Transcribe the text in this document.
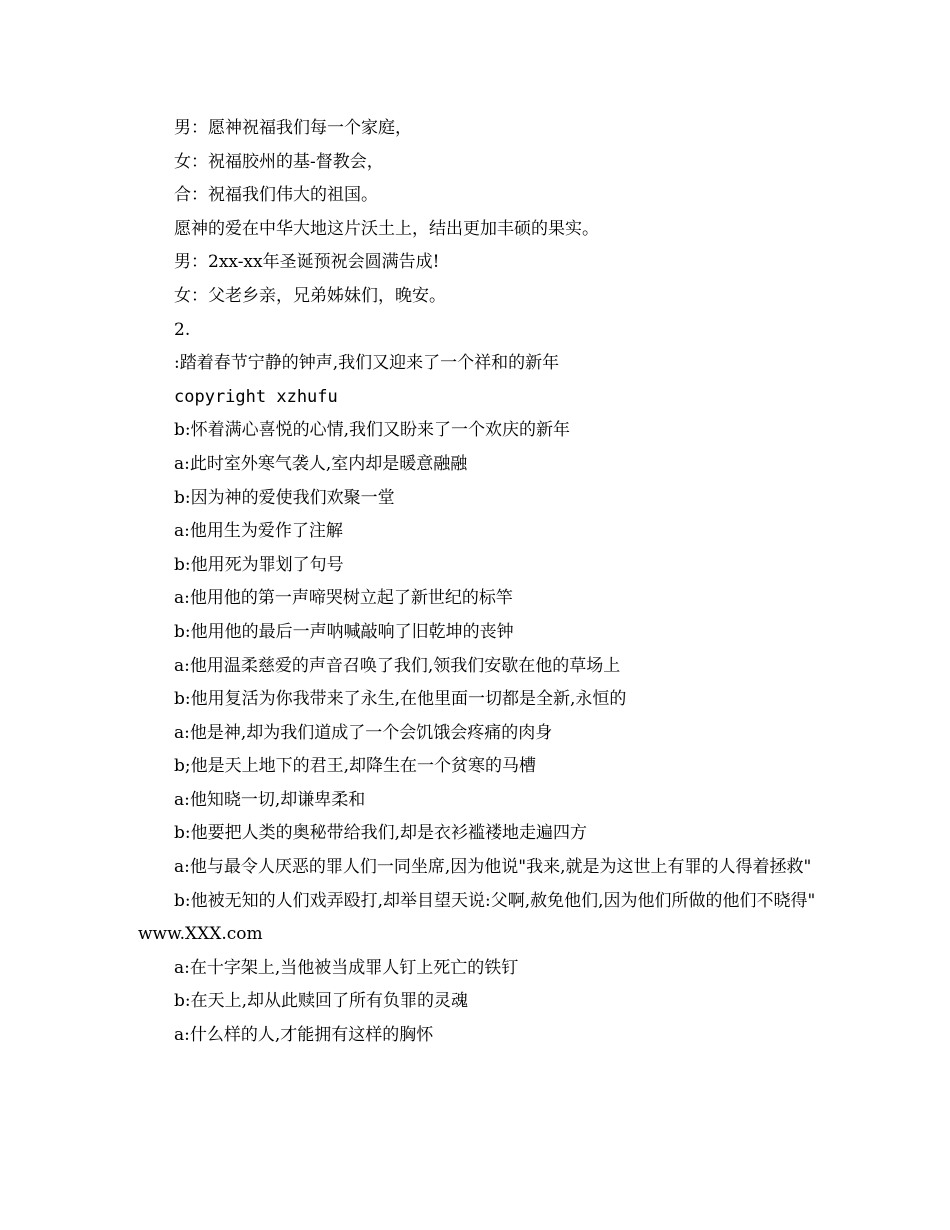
男：愿神祝福我们每一个家庭，

女：祝福胶州的基-督教会，

合：祝福我们伟大的祖国。

愿神的爱在中华大地这片沃土上，结出更加丰硕的果实。

男：2xx-xx年圣诞预祝会圆满告成!

女：父老乡亲，兄弟姊妹们，晚安。

2.

:踏着春节宁静的钟声,我们又迎来了一个祥和的新年

copyright xzhufu

b:怀着满心喜悦的心情,我们又盼来了一个欢庆的新年

a:此时室外寒气袭人,室内却是暖意融融

b:因为神的爱使我们欢聚一堂

a:他用生为爱作了注解

b:他用死为罪划了句号

a:他用他的第一声啼哭树立起了新世纪的标竿

b:他用他的最后一声呐喊敲响了旧乾坤的丧钟

a:他用温柔慈爱的声音召唤了我们,领我们安歇在他的草场上

b:他用复活为你我带来了永生,在他里面一切都是全新,永恒的

a:他是神,却为我们道成了一个会饥饿会疼痛的肉身

b;他是天上地下的君王,却降生在一个贫寒的马槽

a:他知晓一切,却谦卑柔和

b:他要把人类的奥秘带给我们,却是衣衫褴褛地走遍四方

a:他与最令人厌恶的罪人们一同坐席,因为他说"我来,就是为这世上有罪的人得着拯救"

b:他被无知的人们戏弄殴打,却举目望天说:父啊,赦免他们,因为他们所做的他们不晓得" www.XXX.com

a:在十字架上,当他被当成罪人钉上死亡的铁钉

b:在天上,却从此赎回了所有负罪的灵魂

a:什么样的人,才能拥有这样的胸怀
